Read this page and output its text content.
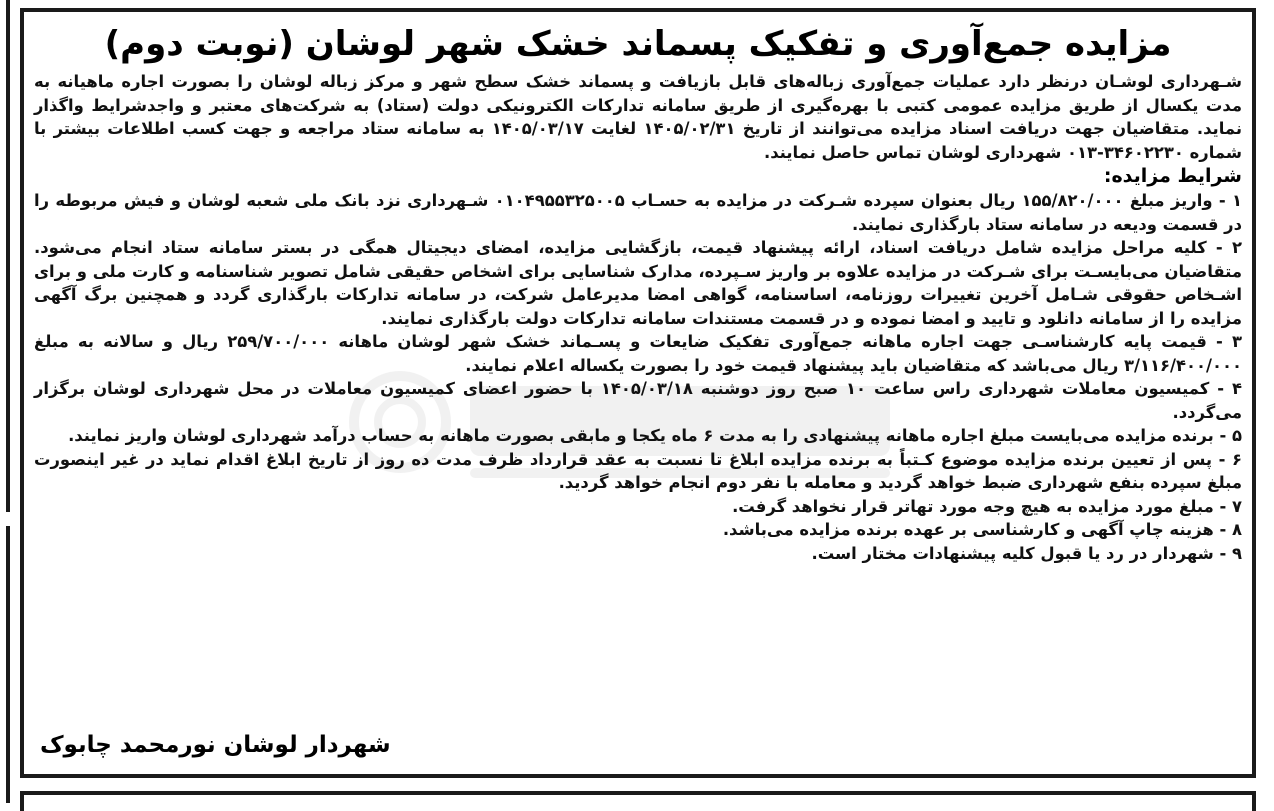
مزایده جمع‌آوری و تفکیک پسماند خشک شهر لوشان (نوبت دوم)

شـهرداری لوشـان درنظر دارد عملیات جمع‌آوری زباله‌های قابل بازیافت و پسماند خشک سطح شهر و مرکز زباله لوشان را بصورت اجاره ماهیانه به مدت یکسال از طریق مزایده عمومی کتبی با بهره‌گیری از طریق سامانه تدارکات الکترونیکی دولت (ستاد) به شرکت‌های معتبر و واجدشرایط واگذار نماید. متقاضیان جهت دریافت اسناد مزایده می‌توانند از تاریخ ۱۴۰۵/۰۲/۳۱ لغایت ۱۴۰۵/۰۳/۱۷ به سامانه ستاد مراجعه و جهت کسب اطلاعات بیشتر با شماره ۳۴۶۰۲۲۳۰-۰۱۳ شهرداری لوشان تماس حاصل نمایند.

شرایط مزایده:

۱ - واریز مبلغ ۱۵۵/۸۲۰/۰۰۰ ریال بعنوان سپرده شـرکت در مزایده به حسـاب ۰۱۰۴۹۵۵۳۲۵۰۰۵ شـهرداری نزد بانک ملی شعبه لوشان و فیش مربوطه را در قسمت ودیعه در سامانه ستاد بارگذاری نمایند.

۲ - کلیه مراحل مزایده شامل دریافت اسناد، ارائه پیشنهاد قیمت، بازگشایی مزایده، امضای دیجیتال همگی در بستر سامانه ستاد انجام می‌شود. متقاضیان می‌بایسـت برای شـرکت در مزایده علاوه بر واریز سـپرده، مدارک شناسایی برای اشخاص حقیقی شامل تصویر شناسنامه و کارت ملی و برای اشـخاص حقوقی شـامل آخرین تغییرات روزنامه، اساسنامه، گواهی امضا مدیرعامل شرکت، در سامانه تدارکات بارگذاری گردد و همچنین برگ آگهی مزایده را از سامانه دانلود و تایید و امضا نموده و در قسمت مستندات سامانه تدارکات دولت بارگذاری نمایند.

۳ - قیمت پایه کارشناسـی جهت اجاره ماهانه جمع‌آوری تفکیک ضایعات و پسـماند خشک شهر لوشان ماهانه ۲۵۹/۷۰۰/۰۰۰ ریال و سالانه به مبلغ ۳/۱۱۶/۴۰۰/۰۰۰ ریال می‌باشد که متقاضیان باید پیشنهاد قیمت خود را بصورت یکساله اعلام نمایند.

۴ - کمیسیون معاملات شهرداری راس ساعت ۱۰ صبح روز دوشنبه ۱۴۰۵/۰۳/۱۸ با حضور اعضای کمیسیون معاملات در محل شهرداری لوشان برگزار می‌گردد.

۵ - برنده مزایده می‌بایست مبلغ اجاره ماهانه پیشنهادی را به مدت ۶ ماه یکجا و مابقی بصورت ماهانه به حساب درآمد شهرداری لوشان واریز نمایند.

۶ - پس از تعیین برنده مزایده موضوع کـتباً به برنده مزایده ابلاغ تا نسبت به عقد قرارداد ظرف مدت ده روز از تاریخ ابلاغ اقدام نماید در غیر اینصورت مبلغ سپرده بنفع شهرداری ضبط خواهد گردید و معامله با نفر دوم انجام خواهد گردید.

۷ - مبلغ مورد مزایده به هیچ وجه مورد تهاتر قرار نخواهد گرفت.

۸ - هزینه چاپ آگهی و کارشناسی بر عهده برنده مزایده می‌باشد.

۹ - شهردار در رد یا قبول کلیه پیشنهادات مختار است.

شهردار لوشان نورمحمد چابوک
